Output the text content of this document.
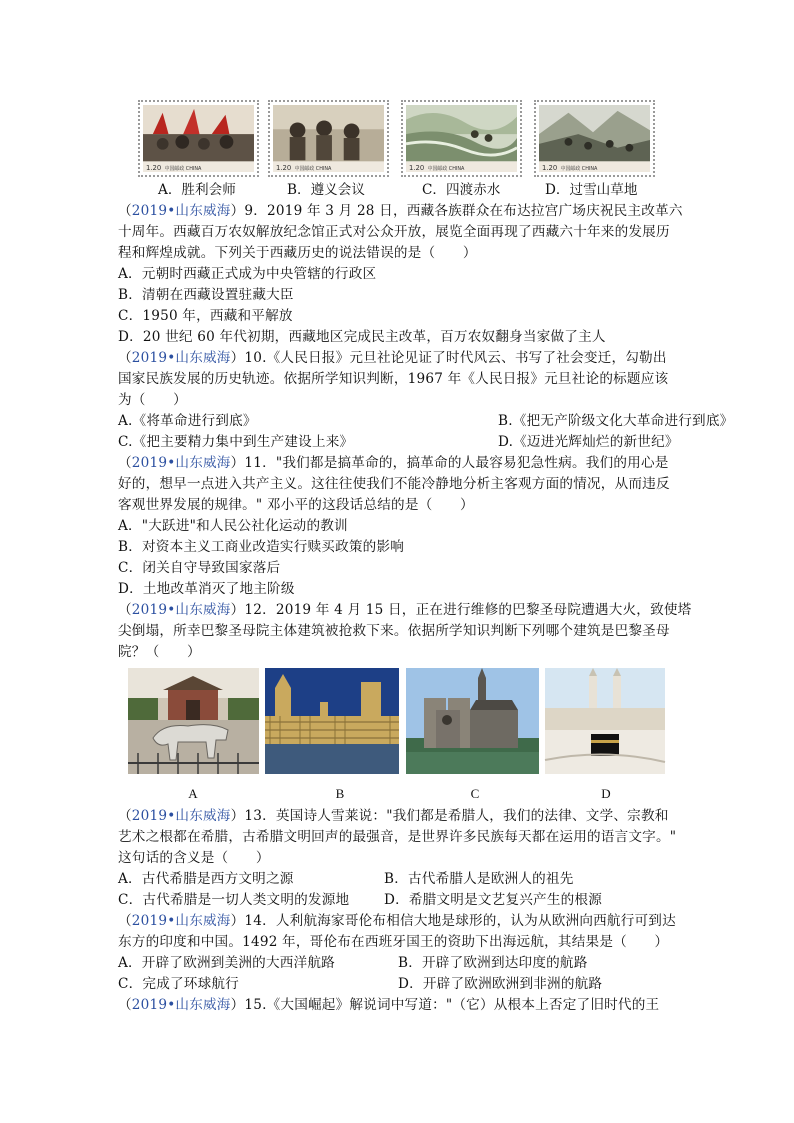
1.20 中国邮政 CHINA	1.20 中国邮政 CHINA	1.20 中国邮政 CHINA	1.20 中国邮政 CHINA
A．胜利会师	B．遵义会议	C．四渡赤水	D．过雪山草地
（2019•山东威海）9．2019 年 3 月 28 日，西藏各族群众在布达拉宫广场庆祝民主改革六
十周年。西藏百万农奴解放纪念馆正式对公众开放，展览全面再现了西藏六十年来的发展历
程和辉煌成就。下列关于西藏历史的说法错误的是（　　）
A．元朝时西藏正式成为中央管辖的行政区
B．清朝在西藏设置驻藏大臣
C．1950 年，西藏和平解放
D．20 世纪 60 年代初期，西藏地区完成民主改革，百万农奴翻身当家做了主人
（2019•山东威海）10.《人民日报》元旦社论见证了时代风云、书写了社会变迁，勾勒出
国家民族发展的历史轨迹。依据所学知识判断，1967 年《人民日报》元旦社论的标题应该
为（　　）
A.《将革命进行到底》	B.《把无产阶级文化大革命进行到底》
C.《把主要精力集中到生产建设上来》	D.《迈进光辉灿烂的新世纪》
（2019•山东威海）11．"我们都是搞革命的，搞革命的人最容易犯急性病。我们的用心是
好的，想早一点进入共产主义。这往往使我们不能冷静地分析主客观方面的情况，从而违反
客观世界发展的规律。" 邓小平的这段话总结的是（　　）
A．"大跃进"和人民公社化运动的教训
B．对资本主义工商业改造实行赎买政策的影响
C．闭关自守导致国家落后
D．土地改革消灭了地主阶级
（2019•山东威海）12．2019 年 4 月 15 日，正在进行维修的巴黎圣母院遭遇大火，致使塔
尖倒塌，所幸巴黎圣母院主体建筑被抢救下来。依据所学知识判断下列哪个建筑是巴黎圣母
院？（　　）
A	B	C	D
（2019•山东威海）13．英国诗人雪莱说："我们都是希腊人，我们的法律、文学、宗教和
艺术之根都在希腊，古希腊文明回声的最强音，是世界许多民族每天都在运用的语言文字。"
这句话的含义是（　　）
A．古代希腊是西方文明之源	B．古代希腊人是欧洲人的祖先
C．古代希腊是一切人类文明的发源地	D．希腊文明是文艺复兴产生的根源
（2019•山东威海）14．人利航海家哥伦布相信大地是球形的，认为从欧洲向西航行可到达
东方的印度和中国。1492 年，哥伦布在西班牙国王的资助下出海远航，其结果是（　　）
A．开辟了欧洲到美洲的大西洋航路	B．开辟了欧洲到达印度的航路
C．完成了环球航行	D．开辟了欧洲欧洲到非洲的航路
（2019•山东威海）15.《大国崛起》解说词中写道："（它）从根本上否定了旧时代的王
